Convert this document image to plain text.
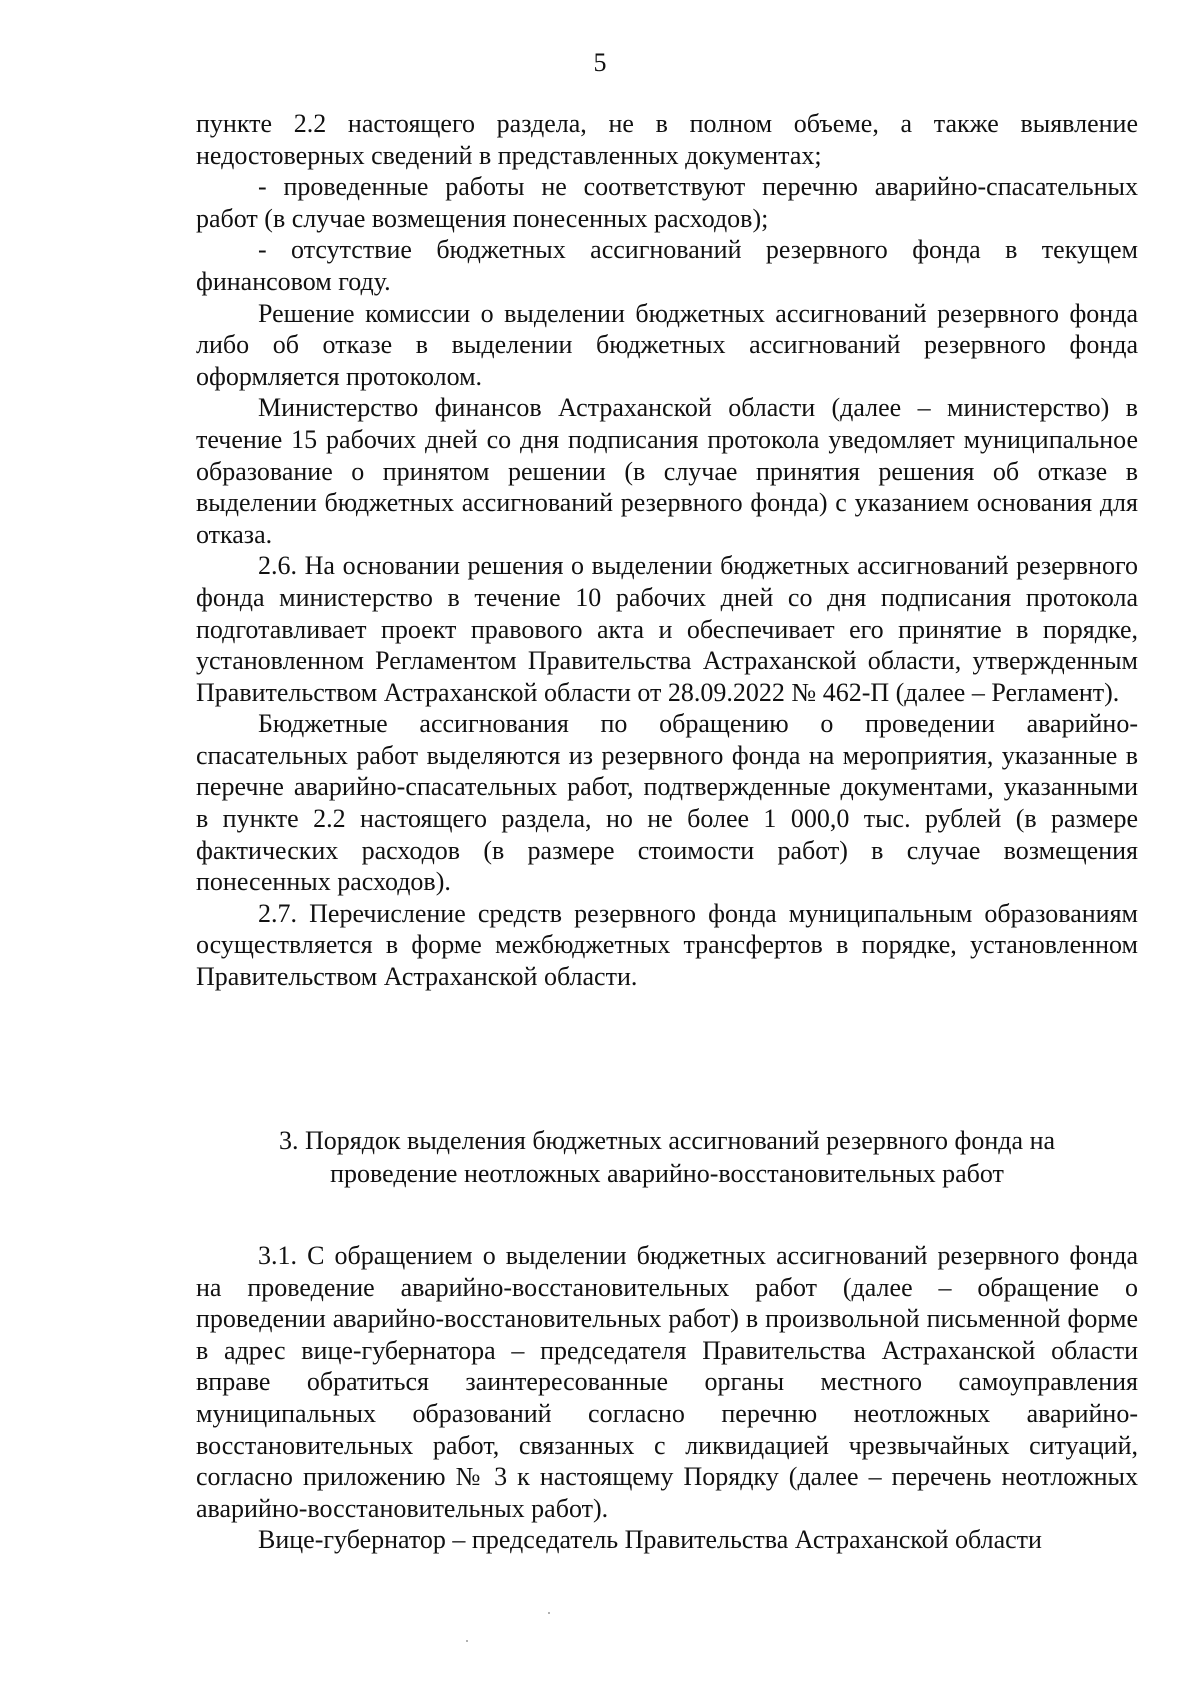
5

пункте 2.2 настоящего раздела, не в полном объеме, а также выявление недостоверных сведений в представленных документах;

- проведенные работы не соответствуют перечню аварийно-спасательных работ (в случае возмещения понесенных расходов);

- отсутствие бюджетных ассигнований резервного фонда в текущем финансовом году.

Решение комиссии о выделении бюджетных ассигнований резервного фонда либо об отказе в выделении бюджетных ассигнований резервного фонда оформляется протоколом.

Министерство финансов Астраханской области (далее – министерство) в течение 15 рабочих дней со дня подписания протокола уведомляет муниципальное образование о принятом решении (в случае принятия решения об отказе в выделении бюджетных ассигнований резервного фонда) с указанием основания для отказа.

2.6. На основании решения о выделении бюджетных ассигнований резервного фонда министерство в течение 10 рабочих дней со дня подписания протокола подготавливает проект правового акта и обеспечивает его принятие в порядке, установленном Регламентом Правительства Астраханской области, утвержденным Правительством Астраханской области от 28.09.2022 № 462-П (далее – Регламент).

Бюджетные ассигнования по обращению о проведении аварийно-спасательных работ выделяются из резервного фонда на мероприятия, указанные в перечне аварийно-спасательных работ, подтвержденные документами, указанными в пункте 2.2 настоящего раздела, но не более 1 000,0 тыс. рублей (в размере фактических расходов (в размере стоимости работ) в случае возмещения понесенных расходов).

2.7. Перечисление средств резервного фонда муниципальным образованиям осуществляется в форме межбюджетных трансфертов в порядке, установленном Правительством Астраханской области.

3. Порядок выделения бюджетных ассигнований резервного фонда на

проведение неотложных аварийно-восстановительных работ

3.1. С обращением о выделении бюджетных ассигнований резервного фонда на проведение аварийно-восстановительных работ (далее – обращение о проведении аварийно-восстановительных работ) в произвольной письменной форме в адрес вице-губернатора – председателя Правительства Астраханской области вправе обратиться заинтересованные органы местного самоуправления муниципальных образований согласно перечню неотложных аварийно-восстановительных работ, связанных с ликвидацией чрезвычайных ситуаций, согласно приложению № 3 к настоящему Порядку (далее – перечень неотложных аварийно-восстановительных работ).

Вице-губернатор – председатель Правительства Астраханской области
